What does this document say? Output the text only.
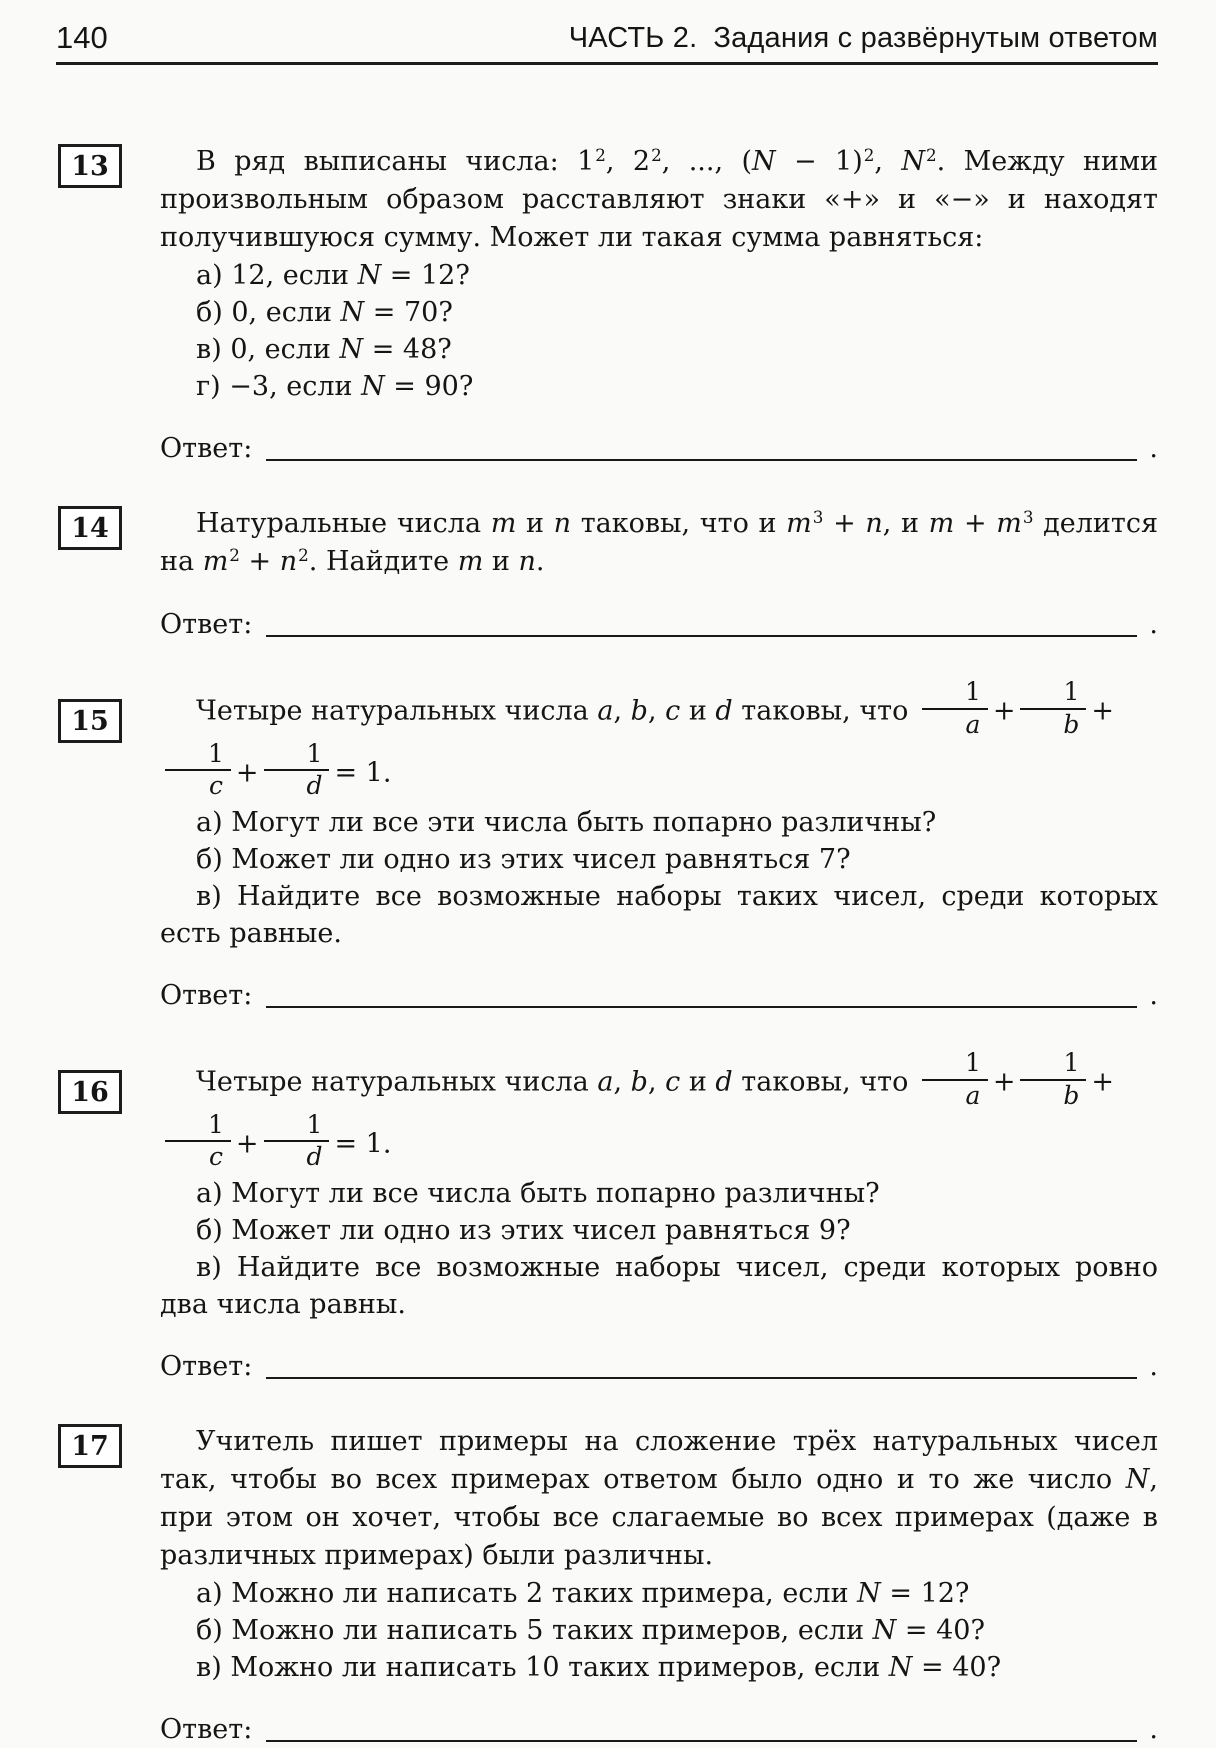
140	ЧАСТЬ 2. Задания с развёрнутым ответом
13	В ряд выписаны числа: $1^2$, $2^2$, ..., $(N - 1)^2$, $N^2$. Между ними произвольным образом расставляют знаки «+» и «−» и находят получившуюся сумму. Может ли такая сумма равняться:

а) 12, если N = 12?

б) 0, если N = 70?

в) 0, если N = 48?

г) −3, если N = 90?

Ответ:	.
14	Натуральные числа m и n таковы, что и $m^3 + n$, и $m + m^3$ делится на $m^2 + n^2$. Найдите m и n.

Ответ:	.
15	Четыре натуральных числа a, b, c и d таковы, что $\frac{1}{a} + \frac{1}{b}$ +
$\frac{1}{c} + \frac{1}{d} = 1$.

а) Могут ли все эти числа быть попарно различны?

б) Может ли одно из этих чисел равняться 7?

в) Найдите все возможные наборы таких чисел, среди которых есть равные.

Ответ:	.
16	Четыре натуральных числа a, b, c и d таковы, что $\frac{1}{a} + \frac{1}{b}$ +
$\frac{1}{c} + \frac{1}{d} = 1$.

а) Могут ли все числа быть попарно различны?

б) Может ли одно из этих чисел равняться 9?

в) Найдите все возможные наборы чисел, среди которых ровно два числа равны.

Ответ:	.
17	Учитель пишет примеры на сложение трёх натуральных чисел так, чтобы во всех примерах ответом было одно и то же число N, при этом он хочет, чтобы все слагаемые во всех примерах (даже в различных примерах) были различны.

а) Можно ли написать 2 таких примера, если N = 12?

б) Можно ли написать 5 таких примеров, если N = 40?

в) Можно ли написать 10 таких примеров, если N = 40?

Ответ:	.
